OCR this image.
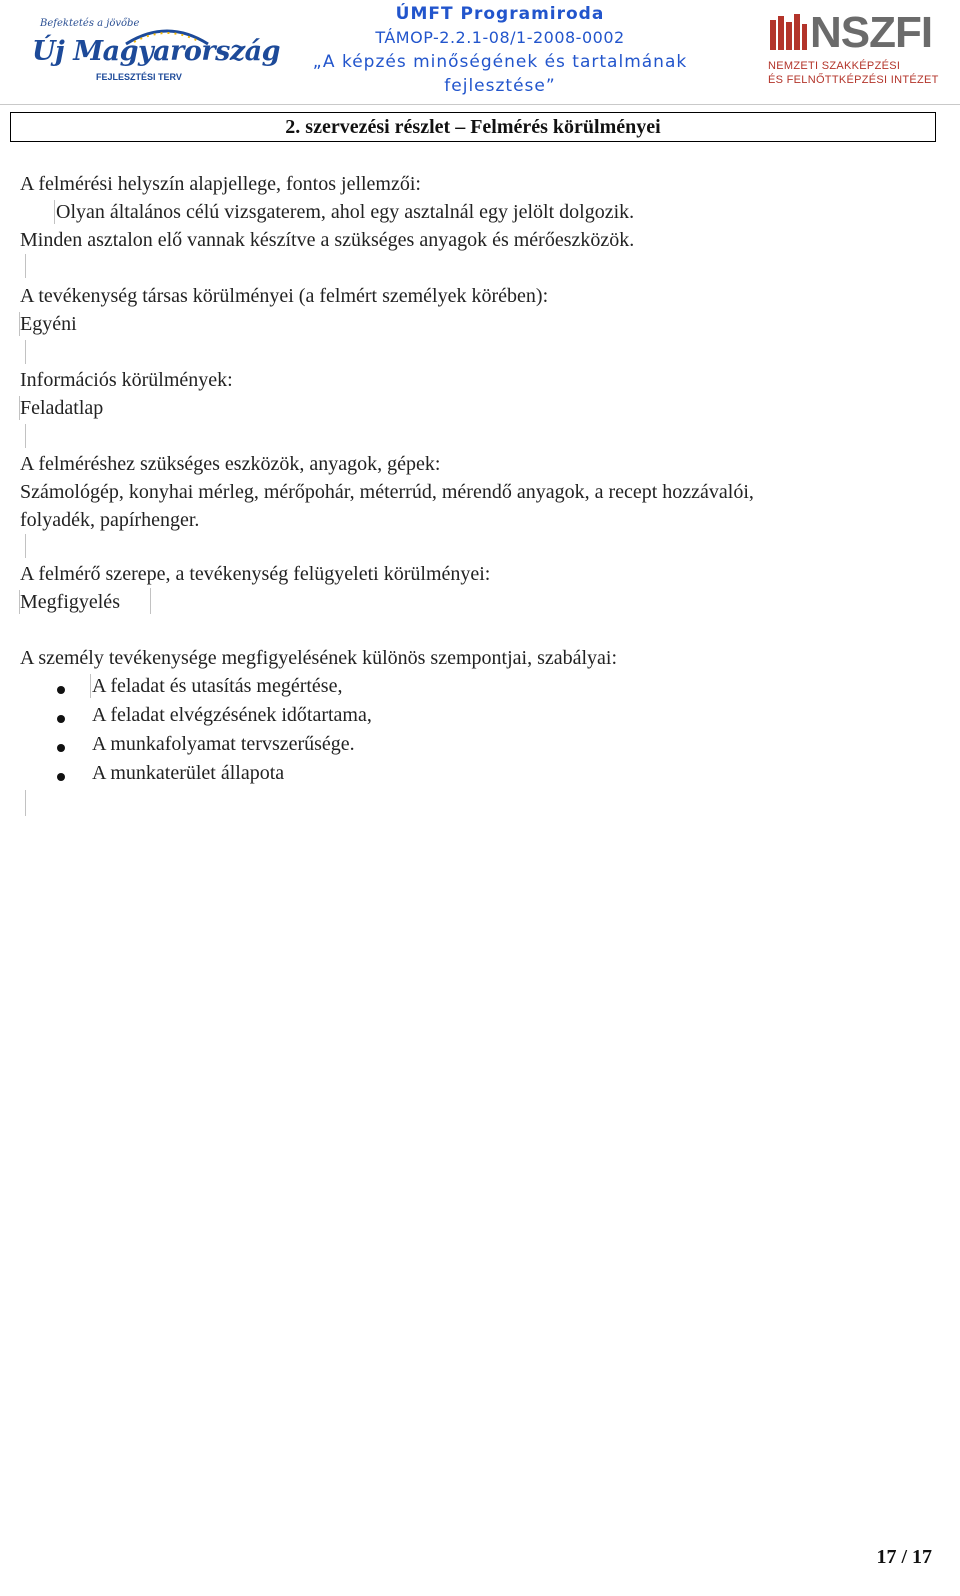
Befektetés a jövőbe
Új Magyarország
FEJLESZTÉSI TERV
ÚMFT Programiroda
TÁMOP-2.2.1-08/1-2008-0002
„A képzés minőségének és tartalmának
fejlesztése”
NSZFI
NEMZETI SZAKKÉPZÉSI
ÉS FELNŐTTKÉPZÉSI INTÉZET
2. szervezési részlet – Felmérés körülményei
A felmérési helyszín alapjellege, fontos jellemzői:
Olyan általános célú vizsgaterem, ahol egy asztalnál egy jelölt dolgozik.
Minden asztalon elő vannak készítve a szükséges anyagok és mérőeszközök.
A tevékenység társas körülményei (a felmért személyek körében):
Egyéni
Információs körülmények:
Feladatlap
A felméréshez szükséges eszközök, anyagok, gépek:
Számológép, konyhai mérleg, mérőpohár, méterrúd, mérendő anyagok, a recept hozzávalói,
folyadék, papírhenger.
A felmérő szerepe, a tevékenység felügyeleti körülményei:
Megfigyelés
A személy tevékenysége megfigyelésének különös szempontjai, szabályai:
A feladat és utasítás megértése,
A feladat elvégzésének időtartama,
A munkafolyamat tervszerűsége.
A munkaterület állapota
17 / 17
